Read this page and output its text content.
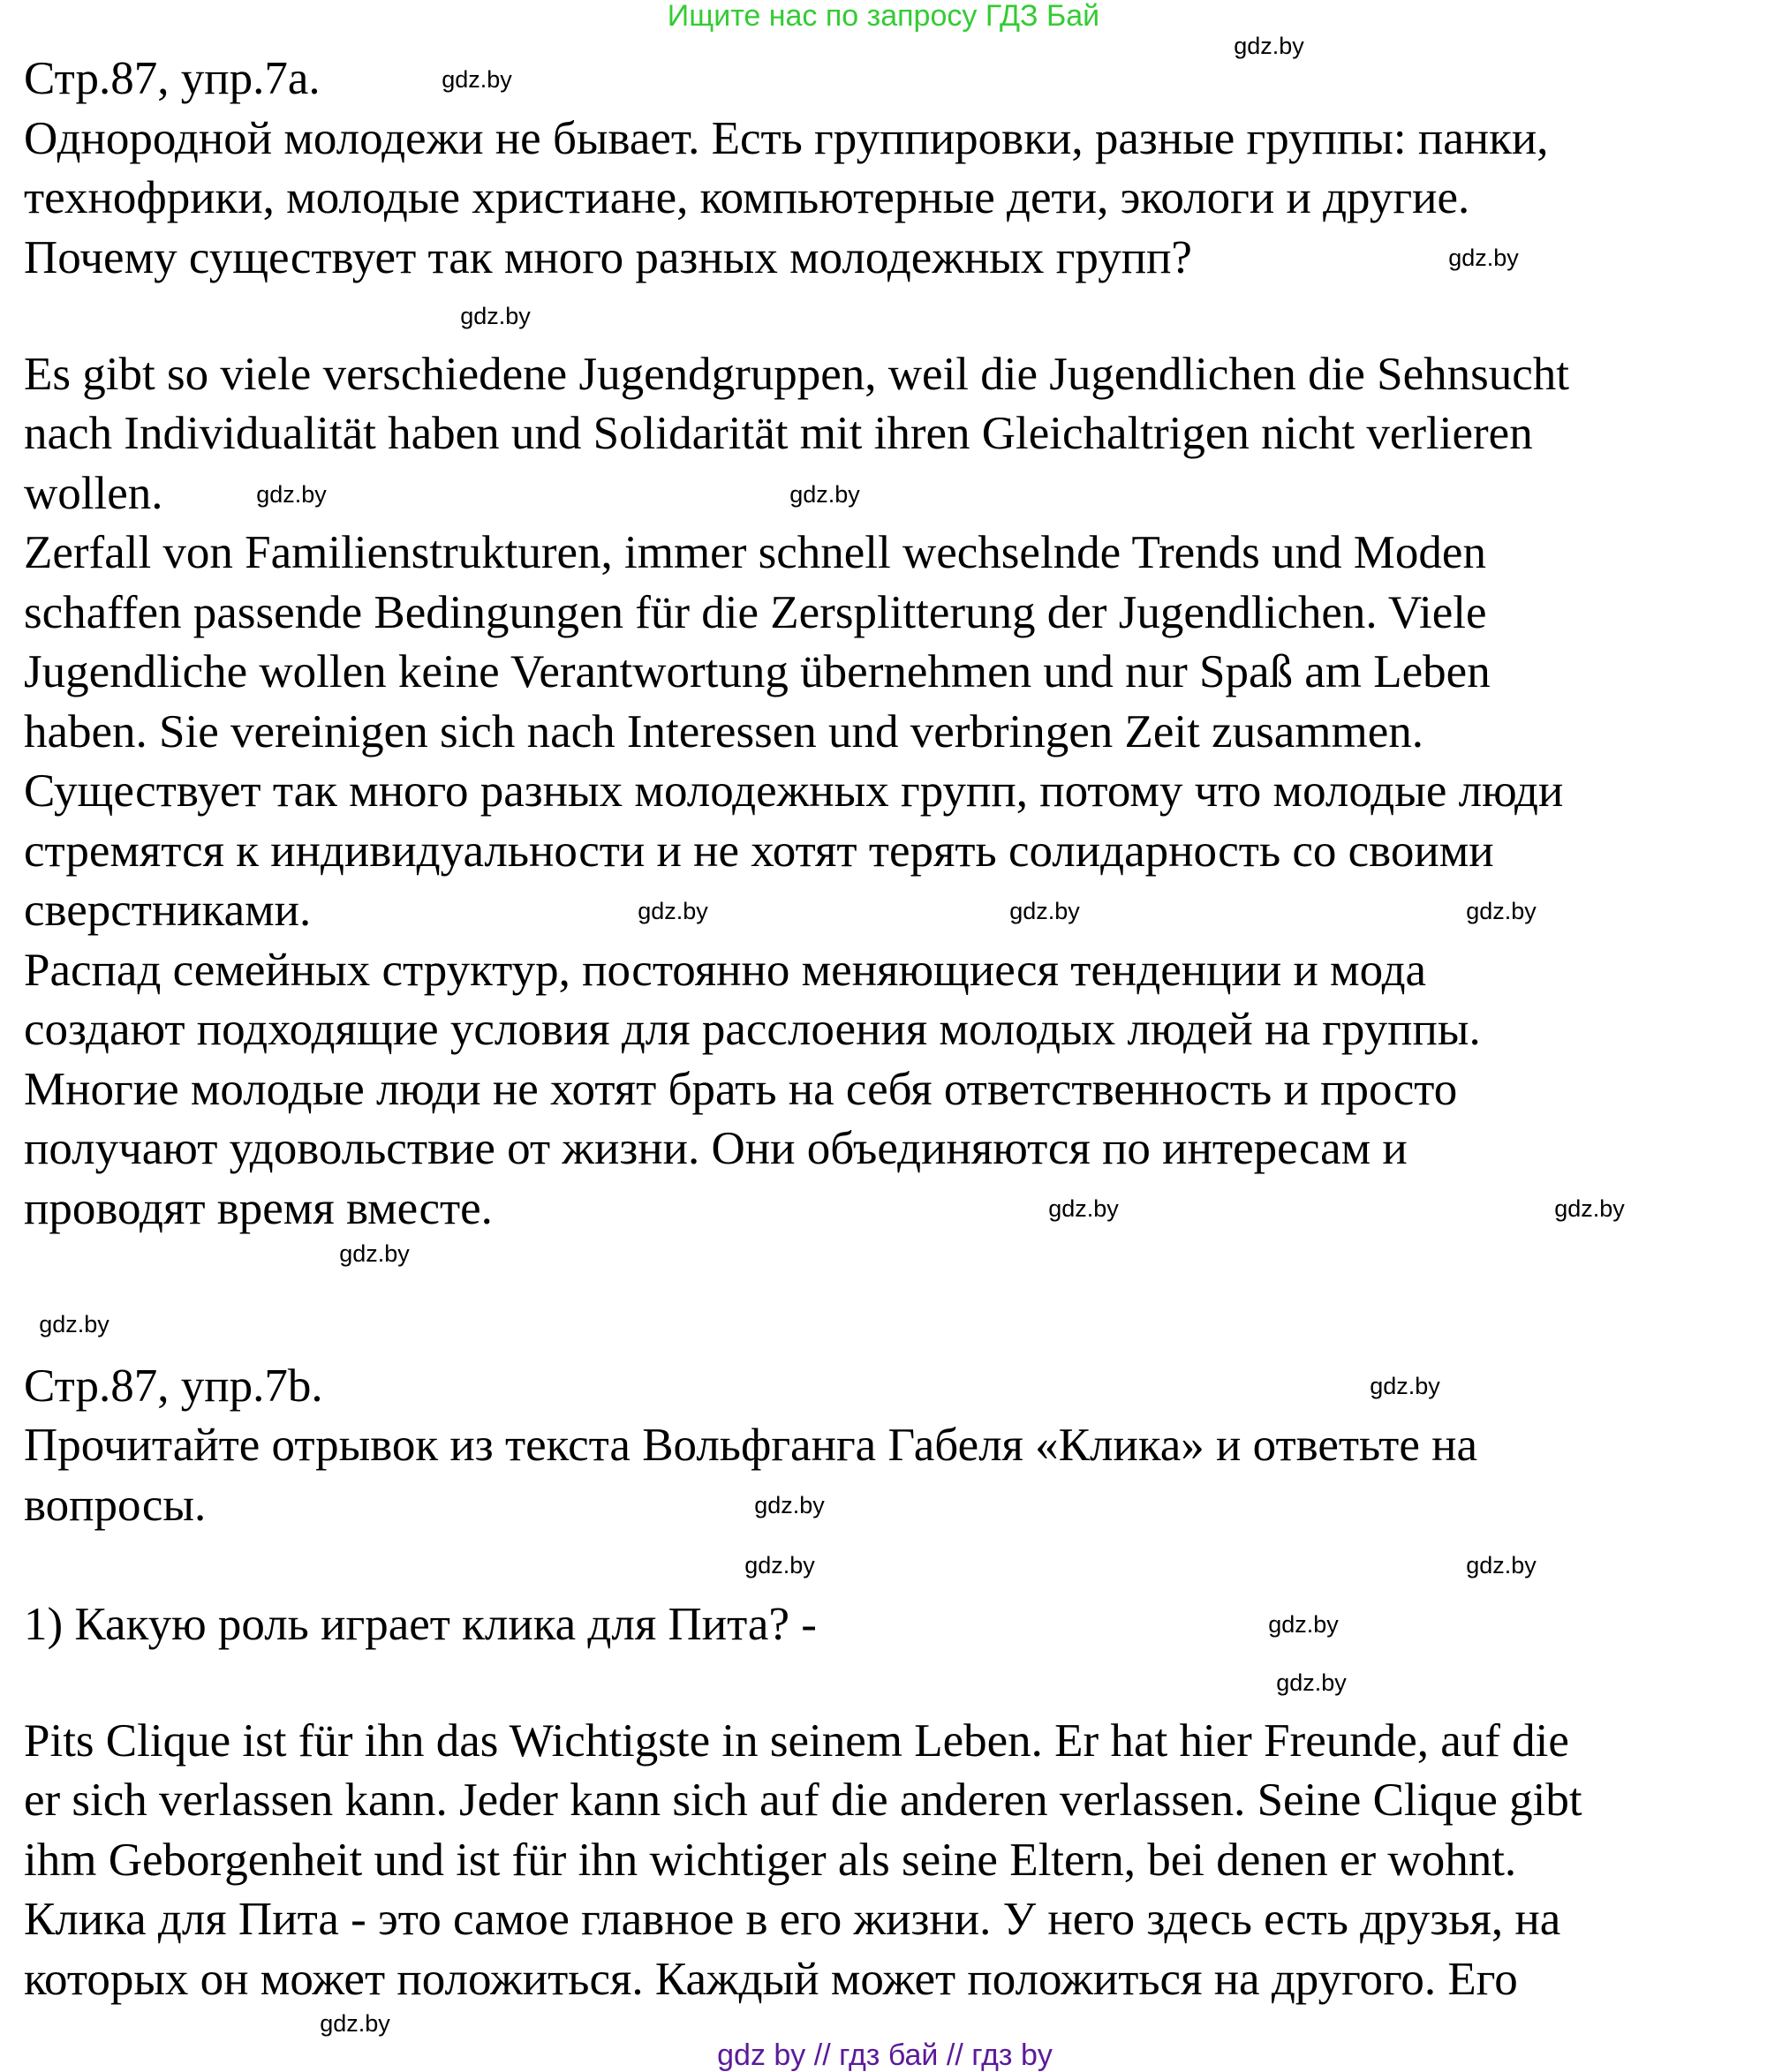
Ищите нас по запросу ГДЗ Бай
Стр.87, упр.7a.
Однородной молодежи не бывает. Есть группировки, разные группы: панки,
технофрики, молодые христиане, компьютерные дети, экологи и другие.
Почему существует так много разных молодежных групп?
Es gibt so viele verschiedene Jugendgruppen, weil die Jugendlichen die Sehnsucht
nach Individualität haben und Solidarität mit ihren Gleichaltrigen nicht verlieren
wollen.
Zerfall von Familienstrukturen, immer schnell wechselnde Trends und Moden
schaffen passende Bedingungen für die Zersplitterung der Jugendlichen. Viele
Jugendliche wollen keine Verantwortung übernehmen und nur Spaß am Leben
haben. Sie vereinigen sich nach Interessen und verbringen Zeit zusammen.
Существует так много разных молодежных групп, потому что молодые люди
стремятся к индивидуальности и не хотят терять солидарность со своими
сверстниками.
Распад семейных структур, постоянно меняющиеся тенденции и мода
создают подходящие условия для расслоения молодых людей на группы.
Многие молодые люди не хотят брать на себя ответственность и просто
получают удовольствие от жизни. Они объединяются по интересам и
проводят время вместе.
Стр.87, упр.7b.
Прочитайте отрывок из текста Вольфганга Габеля «Клика» и ответьте на
вопросы.
1) Какую роль играет клика для Пита? -
Pits Clique ist für ihn das Wichtigste in seinem Leben. Er hat hier Freunde, auf die
er sich verlassen kann. Jeder kann sich auf die anderen verlassen. Seine Clique gibt
ihm Geborgenheit und ist für ihn wichtiger als seine Eltern, bei denen er wohnt.
Клика для Пита - это самое главное в его жизни. У него здесь есть друзья, на
которых он может положиться. Каждый может положиться на другого. Его
gdz by // гдз бай // гдз by
gdz.by
gdz.by
gdz.by
gdz.by
gdz.by	gdz.by
gdz.by
gdz.by
gdz.by
gdz.by
gdz.by
gdz.by
gdz.by
gdz.by
gdz.by
gdz.by
gdz.by
gdz.by
gdz.by
gdz.by
